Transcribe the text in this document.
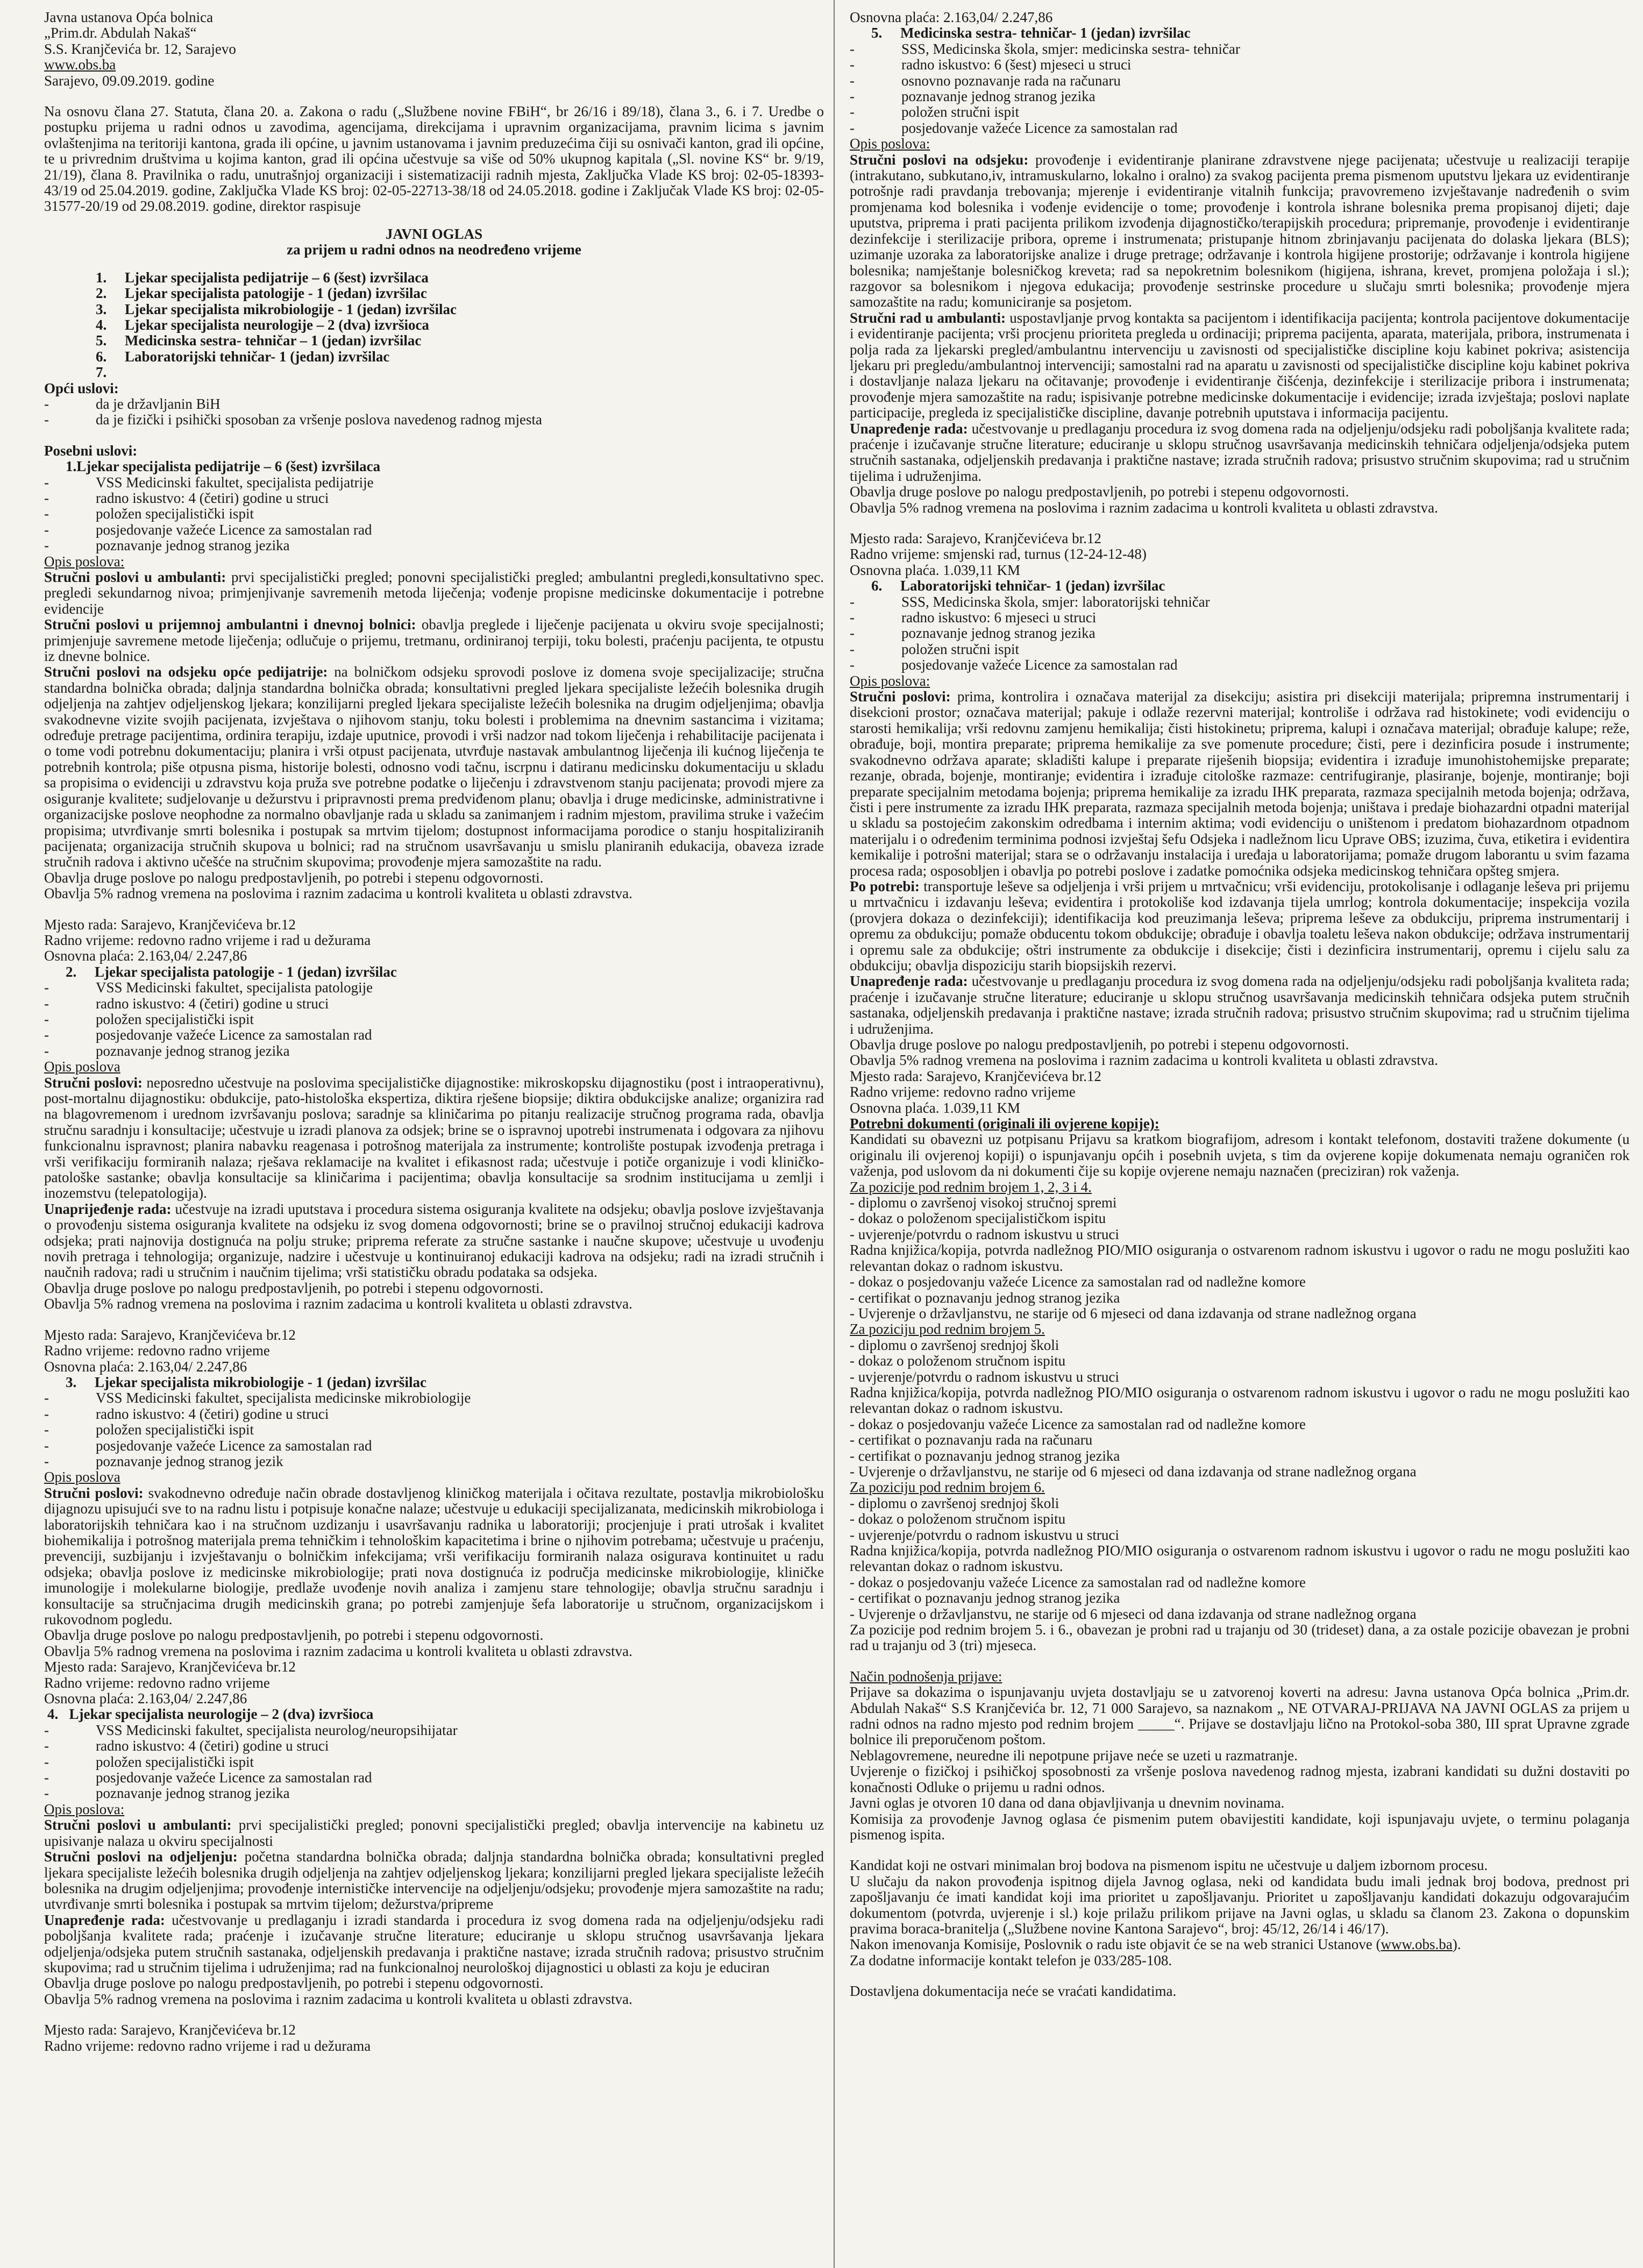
Javna ustanova Opća bolnica
„Prim.dr. Abdulah Nakaš“
S.S. Kranjčevića br. 12, Sarajevo
www.obs.ba
Sarajevo, 09.09.2019. godine

Na osnovu člana 27. Statuta, člana 20. a. Zakona o radu („Službene novine FBiH“, br 26/16 i 89/18), člana 3., 6. i 7. Uredbe o postupku prijema u radni odnos u zavodima, agencijama, direkcijama i upravnim organizacijama, pravnim licima s javnim ovlaštenjima na teritoriji kantona, grada ili općine, u javnim ustanovama i javnim preduzećima čiji su osnivači kanton, grad ili općine, te u privrednim društvima u kojima kanton, grad ili općina učestvuje sa više od 50% ukupnog kapitala („Sl. novine KS“ br. 9/19, 21/19), člana 8. Pravilnika o radu, unutrašnjoj organizaciji i sistematizaciji radnih mjesta, Zaključka Vlade KS broj: 02-05-18393-43/19 od 25.04.2019. godine, Zaključka Vlade KS broj: 02-05-22713-38/18 od 24.05.2018. godine i Zaključak Vlade KS broj: 02-05-31577-20/19 od 29.08.2019. godine, direktor raspisuje

JAVNI OGLAS
za prijem u radni odnos na neodređeno vrijeme
1.     Ljekar specijalista pedijatrije – 6 (šest) izvršilaca
2.     Ljekar specijalista patologije - 1 (jedan) izvršilac
3.     Ljekar specijalista mikrobiologije - 1 (jedan) izvršilac
4.     Ljekar specijalista neurologije – 2 (dva) izvršioca
5.     Medicinska sestra- tehničar – 1 (jedan) izvršilac
6.     Laboratorijski tehničar- 1 (jedan) izvršilac
7.
Opći uslovi:
-	da je državljanin BiH
-	da je fizički i psihički sposoban za vršenje poslova navedenog radnog mjesta
Posebni uslovi:
1.Ljekar specijalista pedijatrije – 6 (šest) izvršilaca
-	VSS Medicinski fakultet, specijalista pedijatrije
-	radno iskustvo: 4 (četiri) godine u struci
-	položen specijalistički ispit
-	posjedovanje važeće Licence za samostalan rad
-	poznavanje jednog stranog jezika
Opis poslova:

Stručni poslovi u ambulanti: prvi specijalistički pregled; ponovni specijalistički pregled; ambulantni pregledi,konsultativno spec. pregledi sekundarnog nivoa; primjenjivanje savremenih metoda liječenja; vođenje propisne medicinske dokumentacije i potrebne evidencije

Stručni poslovi u prijemnoj ambulantni i dnevnoj bolnici: obavlja preglede i liječenje pacijenata u okviru svoje specijalnosti; primjenjuje savremene metode liječenja; odlučuje o prijemu, tretmanu, ordiniranoj terpiji, toku bolesti, praćenju pacijenta, te otpustu iz dnevne bolnice.

Stručni poslovi na odsjeku opće pedijatrije: na bolničkom odsjeku sprovodi poslove iz domena svoje specijalizacije; stručna standardna bolnička obrada; daljnja standardna bolnička obrada; konsultativni pregled ljekara specijaliste ležećih bolesnika drugih odjeljenja na zahtjev odjeljenskog ljekara; konzilijarni pregled ljekara specijaliste ležećih bolesnika na drugim odjeljenjima; obavlja svakodnevne vizite svojih pacijenata, izvještava o njihovom stanju, toku bolesti i problemima na dnevnim sastancima i vizitama; određuje pretrage pacijentima, ordinira terapiju, izdaje uputnice, provodi i vrši nadzor nad tokom liječenja i rehabilitacije pacijenata i o tome vodi potrebnu dokumentaciju; planira i vrši otpust pacijenata, utvrđuje nastavak ambulantnog liječenja ili kućnog liječenja te potrebnih kontrola; piše otpusna pisma, historije bolesti, odnosno vodi tačnu, iscrpnu i datiranu medicinsku dokumentaciju u skladu sa propisima o evidenciji u zdravstvu koja pruža sve potrebne podatke o liječenju i zdravstvenom stanju pacijenata; provodi mjere za osiguranje kvalitete; sudjelovanje u dežurstvu i pripravnosti prema predviđenom planu; obavlja i druge medicinske, administrativne i organizacijske poslove neophodne za normalno obavljanje rada u skladu sa zanimanjem i radnim mjestom, pravilima struke i važećim propisima; utvrđivanje smrti bolesnika i postupak sa mrtvim tijelom; dostupnost informacijama porodice o stanju hospitaliziranih pacijenata; organizacija stručnih skupova u bolnici; rad na stručnom usavršavanju u smislu planiranih edukacija, obaveza izrade stručnih radova i aktivno učešće na stručnim skupovima; provođenje mjera samozaštite na radu.

Obavlja druge poslove po nalogu predpostavljenih, po potrebi i stepenu odgovornosti.
Obavlja 5% radnog vremena na poslovima i raznim zadacima u kontroli kvaliteta u oblasti zdravstva.
Mjesto rada: Sarajevo, Kranjčevićeva br.12
Radno vrijeme: redovno radno vrijeme i rad u dežurama
Osnovna plaća: 2.163,04/ 2.247,86
2.     Ljekar specijalista patologije - 1 (jedan) izvršilac
-	VSS Medicinski fakultet, specijalista patologije
-	radno iskustvo: 4 (četiri) godine u struci
-	položen specijalistički ispit
-	posjedovanje važeće Licence za samostalan rad
-	poznavanje jednog stranog jezika
Opis poslova

Stručni poslovi: neposredno učestvuje na poslovima specijalističke dijagnostike: mikroskopsku dijagnostiku (post i intraoperativnu), post-mortalnu dijagnostiku: obdukcije, pato-histološka ekspertiza, diktira rješene biopsije; diktira obdukcijske analize; organizira rad na blagovremenom i urednom izvršavanju poslova; saradnje sa kliničarima po pitanju realizacije stručnog programa rada, obavlja stručnu saradnju i konsultacije; učestvuje u izradi planova za odsjek; brine se o ispravnoj upotrebi instrumenata i odgovara za njihovu funkcionalnu ispravnost; planira nabavku reagenasa i potrošnog materijala za instrumente; kontrolište postupak izvođenja pretraga i vrši verifikaciju formiranih nalaza; rješava reklamacije na kvalitet i efikasnost rada; učestvuje i potiče organizuje i vodi kliničko-patološke sastanke; obavlja konsultacije sa kliničarima i pacijentima; obavlja konsultacije sa srodnim institucijama u zemlji i inozemstvu (telepatologija).

Unaprijeđenje rada: učestvuje na izradi uputstava i procedura sistema osiguranja kvalitete na odsjeku; obavlja poslove izvještavanja o provođenju sistema osiguranja kvalitete na odsjeku iz svog domena odgovornosti; brine se o pravilnoj stručnoj edukaciji kadrova odsjeka; prati najnovija dostignuća na polju struke; priprema referate za stručne sastanke i naučne skupove; učestvuje u uvođenju novih pretraga i tehnologija; organizuje, nadzire i učestvuje u kontinuiranoj edukaciji kadrova na odsjeku; radi na izradi stručnih i naučnih radova; radi u stručnim i naučnim tijelima; vrši statističku obradu podataka sa odsjeka.

Obavlja druge poslove po nalogu predpostavljenih, po potrebi i stepenu odgovornosti.
Obavlja 5% radnog vremena na poslovima i raznim zadacima u kontroli kvaliteta u oblasti zdravstva.
Mjesto rada: Sarajevo, Kranjčevićeva br.12
Radno vrijeme: redovno radno vrijeme
Osnovna plaća: 2.163,04/ 2.247,86
3.     Ljekar specijalista mikrobiologije - 1 (jedan) izvršilac
-	VSS Medicinski fakultet, specijalista medicinske mikrobiologije
-	radno iskustvo: 4 (četiri) godine u struci
-	položen specijalistički ispit
-	posjedovanje važeće Licence za samostalan rad
-	poznavanje jednog stranog jezik
Opis poslova

Stručni poslovi: svakodnevno određuje način obrade dostavljenog kliničkog materijala i očitava rezultate, postavlja mikrobiološku dijagnozu upisujući sve to na radnu listu i potpisuje konačne nalaze; učestvuje u edukaciji specijalizanata, medicinskih mikrobiologa i laboratorijskih tehničara kao i na stručnom uzdizanju i usavršavanju radnika u laboratoriji; procjenjuje i prati utrošak i kvalitet biohemikalija i potrošnog materijala prema tehničkim i tehnološkim kapacitetima i brine o njihovim potrebama; učestvuje u praćenju, prevenciji, suzbijanju i izvještavanju o bolničkim infekcijama; vrši verifikaciju formiranih nalaza osigurava kontinuitet u radu odsjeka; obavlja poslove iz medicinske mikrobiologije; prati nova dostignuća iz područja medicinske mikrobiologije, kliničke imunologije i molekularne biologije, predlaže uvođenje novih analiza i zamjenu stare tehnologije; obavlja stručnu saradnju i konsultacije sa stručnjacima drugih medicinskih grana; po potrebi zamjenjuje šefa laboratorije u stručnom, organizacijskom i rukovodnom pogledu.

Obavlja druge poslove po nalogu predpostavljenih, po potrebi i stepenu odgovornosti.
Obavlja 5% radnog vremena na poslovima i raznim zadacima u kontroli kvaliteta u oblasti zdravstva.
Mjesto rada: Sarajevo, Kranjčevićeva br.12
Radno vrijeme: redovno radno vrijeme
Osnovna plaća: 2.163,04/ 2.247,86
4.   Ljekar specijalista neurologije – 2 (dva) izvršioca
-	VSS Medicinski fakultet, specijalista neurolog/neuropsihijatar
-	radno iskustvo: 4 (četiri) godine u struci
-	položen specijalistički ispit
-	posjedovanje važeće Licence za samostalan rad
-	poznavanje jednog stranog jezika
Opis poslova:

Stručni poslovi u ambulanti: prvi specijalistički pregled; ponovni specijalistički pregled; obavlja intervencije na kabinetu uz upisivanje nalaza u okviru specijalnosti

Stručni poslovi na odjeljenju: početna standardna bolnička obrada; daljnja standardna bolnička obrada; konsultativni pregled ljekara specijaliste ležećih bolesnika drugih odjeljenja na zahtjev odjeljenskog ljekara; konzilijarni pregled ljekara specijaliste ležećih bolesnika na drugim odjeljenjima; provođenje internističke intervencije na odjeljenju/odsjeku; provođenje mjera samozaštite na radu; utvrđivanje smrti bolesnika i postupak sa mrtvim tijelom; dežurstva/pripreme

Unapređenje rada: učestvovanje u predlaganju i izradi standarda i procedura iz svog domena rada na odjeljenju/odsjeku radi poboljšanja kvalitete rada; praćenje i izučavanje stručne literature; educiranje u sklopu stručnog usavršavanja ljekara odjeljenja/odsjeka putem stručnih sastanaka, odjeljenskih predavanja i praktične nastave; izrada stručnih radova; prisustvo stručnim skupovima; rad u stručnim tijelima i udruženjima; rad na funkcionalnoj neurološkoj dijagnostici u oblasti za koju je educiran

Obavlja druge poslove po nalogu predpostavljenih, po potrebi i stepenu odgovornosti.
Obavlja 5% radnog vremena na poslovima i raznim zadacima u kontroli kvaliteta u oblasti zdravstva.
Mjesto rada: Sarajevo, Kranjčevićeva br.12
Radno vrijeme: redovno radno vrijeme i rad u dežurama
Osnovna plaća: 2.163,04/ 2.247,86
5.     Medicinska sestra- tehničar- 1 (jedan) izvršilac
-	SSS, Medicinska škola, smjer: medicinska sestra- tehničar
-	radno iskustvo: 6 (šest) mjeseci u struci
-	osnovno poznavanje rada na računaru
-	poznavanje jednog stranog jezika
-	položen stručni ispit
-	posjedovanje važeće Licence za samostalan rad
Opis poslova:

Stručni poslovi na odsjeku: provođenje i evidentiranje planirane zdravstvene njege pacijenata; učestvuje u realizaciji terapije (intrakutano, subkutano,iv, intramuskularno, lokalno i oralno) za svakog pacijenta prema pismenom uputstvu ljekara uz evidentiranje potrošnje radi pravdanja trebovanja; mjerenje i evidentiranje vitalnih funkcija; pravovremeno izvještavanje nadređenih o svim promjenama kod bolesnika i vođenje evidencije o tome; provođenje i kontrola ishrane bolesnika prema propisanoj dijeti; daje uputstva, priprema i prati pacijenta prilikom izvođenja dijagnostičko/terapijskih procedura; pripremanje, provođenje i evidentiranje dezinfekcije i sterilizacije pribora, opreme i instrumenata; pristupanje hitnom zbrinjavanju pacijenata do dolaska ljekara (BLS); uzimanje uzoraka za laboratorijske analize i druge pretrage; održavanje i kontrola higijene prostorije; održavanje i kontrola higijene bolesnika; namještanje bolesničkog kreveta; rad sa nepokretnim bolesnikom (higijena, ishrana, krevet, promjena položaja i sl.); razgovor sa bolesnikom i njegova edukacija; provođenje sestrinske procedure u slučaju smrti bolesnika; provođenje mjera samozaštite na radu; komuniciranje sa posjetom.

Stručni rad u ambulanti: uspostavljanje prvog kontakta sa pacijentom i identifikacija pacijenta; kontrola pacijentove dokumentacije i evidentiranje pacijenta; vrši procjenu prioriteta pregleda u ordinaciji; priprema pacijenta, aparata, materijala, pribora, instrumenata i polja rada za ljekarski pregled/ambulantnu intervenciju u zavisnosti od specijalističke discipline koju kabinet pokriva; asistencija ljekaru pri pregledu/ambulantnoj intervenciji; samostalni rad na aparatu u zavisnosti od specijalističke discipline koju kabinet pokriva i dostavljanje nalaza ljekaru na očitavanje; provođenje i evidentiranje čišćenja, dezinfekcije i sterilizacije pribora i instrumenata; provođenje mjera samozaštite na radu; ispisivanje potrebne medicinske dokumentacije i evidencije; izrada izvještaja; poslovi naplate participacije, pregleda iz specijalističke discipline, davanje potrebnih uputstava i informacija pacijentu.

Unapređenje rada: učestvovanje u predlaganju procedura iz svog domena rada na odjeljenju/odsjeku radi poboljšanja kvalitete rada; praćenje i izučavanje stručne literature; educiranje u sklopu stručnog usavršavanja medicinskih tehničara odjeljenja/odsjeka putem stručnih sastanaka, odjeljenskih predavanja i praktične nastave; izrada stručnih radova; prisustvo stručnim skupovima; rad u stručnim tijelima i udruženjima.

Obavlja druge poslove po nalogu predpostavljenih, po potrebi i stepenu odgovornosti.
Obavlja 5% radnog vremena na poslovima i raznim zadacima u kontroli kvaliteta u oblasti zdravstva.
Mjesto rada: Sarajevo, Kranjčevićeva br.12
Radno vrijeme: smjenski rad, turnus (12-24-12-48)
Osnovna plaća. 1.039,11 KM
6.     Laboratorijski tehničar- 1 (jedan) izvršilac
-	SSS, Medicinska škola, smjer: laboratorijski tehničar
-	radno iskustvo: 6 mjeseci u struci
-	poznavanje jednog stranog jezika
-	položen stručni ispit
-	posjedovanje važeće Licence za samostalan rad
Opis poslova:

Stručni poslovi: prima, kontrolira i označava materijal za disekciju; asistira pri disekciji materijala; pripremna instrumentarij i disekcioni prostor; označava materijal; pakuje i odlaže rezervni materijal; kontroliše i održava rad histokinete; vodi evidenciju o starosti hemikalija; vrši redovnu zamjenu hemikalija; čisti histokinetu; priprema, kalupi i označava materijal; obrađuje kalupe; reže, obrađuje, boji, montira preparate; priprema hemikalije za sve pomenute procedure; čisti, pere i dezinficira posude i instrumente; svakodnevno održava aparate; skladišti kalupe i preparate riješenih biopsija; evidentira i izrađuje imunohistohemijske preparate; rezanje, obrada, bojenje, montiranje; evidentira i izrađuje citološke razmaze: centrifugiranje, plasiranje, bojenje, montiranje; boji preparate specijalnim metodama bojenja; priprema hemikalije za izradu IHK preparata, razmaza specijalnih metoda bojenja; održava, čisti i pere instrumente za izradu IHK preparata, razmaza specijalnih metoda bojenja; uništava i predaje biohazardni otpadni materijal u skladu sa postojećim zakonskim odredbama i internim aktima; vodi evidenciju o uništenom i predatom biohazardnom otpadnom materijalu i o određenim terminima podnosi izvještaj šefu Odsjeka i nadležnom licu Uprave OBS; izuzima, čuva, etiketira i evidentira kemikalije i potrošni materijal; stara se o održavanju instalacija i uređaja u laboratorijama; pomaže drugom laborantu u svim fazama procesa rada; osposobljen i obavlja po potrebi poslove i zadatke pomoćnika odsjeka medicinskog tehničara opšteg smjera.

Po potrebi: transportuje leševe sa odjeljenja i vrši prijem u mrtvačnicu; vrši evidenciju, protokolisanje i odlaganje leševa pri prijemu u mrtvačnicu i izdavanju leševa; evidentira i protokoliše kod izdavanja tijela umrlog; kontrola dokumentacije; inspekcija vozila (provjera dokaza o dezinfekciji); identifikacija kod preuzimanja leševa; priprema leševe za obdukciju, priprema instrumentarij i opremu za obdukciju; pomaže obducentu tokom obdukcije; obrađuje i obavlja toaletu leševa nakon obdukcije; održava instrumentarij i opremu sale za obdukcije; oštri instrumente za obdukcije i disekcije; čisti i dezinficira instrumentarij, opremu i cijelu salu za obdukciju; obavlja dispoziciju starih biopsijskih rezervi.

Unapređenje rada: učestvovanje u predlaganju procedura iz svog domena rada na odjeljenju/odsjeku radi poboljšanja kvaliteta rada; praćenje i izučavanje stručne literature; educiranje u sklopu stručnog usavršavanja medicinskih tehničara odsjeka putem stručnih sastanaka, odjeljenskih predavanja i praktične nastave; izrada stručnih radova; prisustvo stručnim skupovima; rad u stručnim tijelima i udruženjima.

Obavlja druge poslove po nalogu predpostavljenih, po potrebi i stepenu odgovornosti.
Obavlja 5% radnog vremena na poslovima i raznim zadacima u kontroli kvaliteta u oblasti zdravstva.
Mjesto rada: Sarajevo, Kranjčevićeva br.12
Radno vrijeme: redovno radno vrijeme
Osnovna plaća. 1.039,11 KM
Potrebni dokumenti (originali ili ovjerene kopije):

Kandidati su obavezni uz potpisanu Prijavu sa kratkom biografijom, adresom i kontakt telefonom, dostaviti tražene dokumente (u originalu ili ovjerenoj kopiji) o ispunjavanju općih i posebnih uvjeta, s tim da ovjerene kopije dokumenata nemaju ograničen rok važenja, pod uslovom da ni dokumenti čije su kopije ovjerene nemaju naznačen (preciziran) rok važenja.

Za pozicije pod rednim brojem 1, 2, 3 i 4.

- diplomu o završenoj visokoj stručnoj spremi

- dokaz o položenom specijalističkom ispitu

- uvjerenje/potvrdu o radnom iskustvu u struci

Radna knjižica/kopija, potvrda nadležnog PIO/MIO osiguranja o ostvarenom radnom iskustvu i ugovor o radu ne mogu poslužiti kao relevantan dokaz o radnom iskustvu.

- dokaz o posjedovanju važeće Licence za samostalan rad od nadležne komore

- certifikat o poznavanju jednog stranog jezika

- Uvjerenje o državljanstvu, ne starije od 6 mjeseci od dana izdavanja od strane nadležnog organa

Za poziciju pod rednim brojem 5.

- diplomu o završenoj srednjoj školi

- dokaz o položenom stručnom ispitu

- uvjerenje/potvrdu o radnom iskustvu u struci

Radna knjižica/kopija, potvrda nadležnog PIO/MIO osiguranja o ostvarenom radnom iskustvu i ugovor o radu ne mogu poslužiti kao relevantan dokaz o radnom iskustvu.

- dokaz o posjedovanju važeće Licence za samostalan rad od nadležne komore

- certifikat o poznavanju rada na računaru

- certifikat o poznavanju jednog stranog jezika

- Uvjerenje o državljanstvu, ne starije od 6 mjeseci od dana izdavanja od strane nadležnog organa

Za poziciju pod rednim brojem 6.

- diplomu o završenoj srednjoj školi

- dokaz o položenom stručnom ispitu

- uvjerenje/potvrdu o radnom iskustvu u struci

Radna knjižica/kopija, potvrda nadležnog PIO/MIO osiguranja o ostvarenom radnom iskustvu i ugovor o radu ne mogu poslužiti kao relevantan dokaz o radnom iskustvu.

- dokaz o posjedovanju važeće Licence za samostalan rad od nadležne komore

- certifikat o poznavanju jednog stranog jezika

- Uvjerenje o državljanstvu, ne starije od 6 mjeseci od dana izdavanja od strane nadležnog organa

Za pozicije pod rednim brojem 5. i 6., obavezan je probni rad u trajanju od 30 (trideset) dana, a za ostale pozicije obavezan je probni rad u trajanju od 3 (tri) mjeseca.

Način podnošenja prijave:

Prijave sa dokazima o ispunjavanju uvjeta dostavljaju se u zatvorenoj koverti na adresu: Javna ustanova Opća bolnica „Prim.dr. Abdulah Nakaš“ S.S Kranjčevića br. 12, 71 000 Sarajevo, sa naznakom „ NE OTVARAJ-PRIJAVA NA JAVNI OGLAS za prijem u radni odnos na radno mjesto pod rednim brojem _____“. Prijave se dostavljaju lično na Protokol-soba 380, III sprat Upravne zgrade bolnice ili preporučenom poštom.

Neblagovremene, neuredne ili nepotpune prijave neće se uzeti u razmatranje.

Uvjerenje o fizičkoj i psihičkoj sposobnosti za vršenje poslova navedenog radnog mjesta, izabrani kandidati su dužni dostaviti po konačnosti Odluke o prijemu u radni odnos.

Javni oglas je otvoren 10 dana od dana objavljivanja u dnevnim novinama.

Komisija za provođenje Javnog oglasa će pismenim putem obavijestiti kandidate, koji ispunjavaju uvjete, o terminu polaganja pismenog ispita.

Kandidat koji ne ostvari minimalan broj bodova na pismenom ispitu ne učestvuje u daljem izbornom procesu.

U slučaju da nakon provođenja ispitnog dijela Javnog oglasa, neki od kandidata budu imali jednak broj bodova, prednost pri zapošljavanju će imati kandidat koji ima prioritet u zapošljavanju. Prioritet u zapošljavanju kandidati dokazuju odgovarajućim dokumentom (potvrda, uvjerenje i sl.) koje prilažu prilikom prijave na Javni oglas, u skladu sa članom 23. Zakona o dopunskim pravima boraca-branitelja („Službene novine Kantona Sarajevo“, broj: 45/12, 26/14 i 46/17).

Nakon imenovanja Komisije, Poslovnik o radu iste objavit će se na web stranici Ustanove (www.obs.ba).

Za dodatne informacije kontakt telefon je 033/285-108.

Dostavljena dokumentacija neće se vraćati kandidatima.
